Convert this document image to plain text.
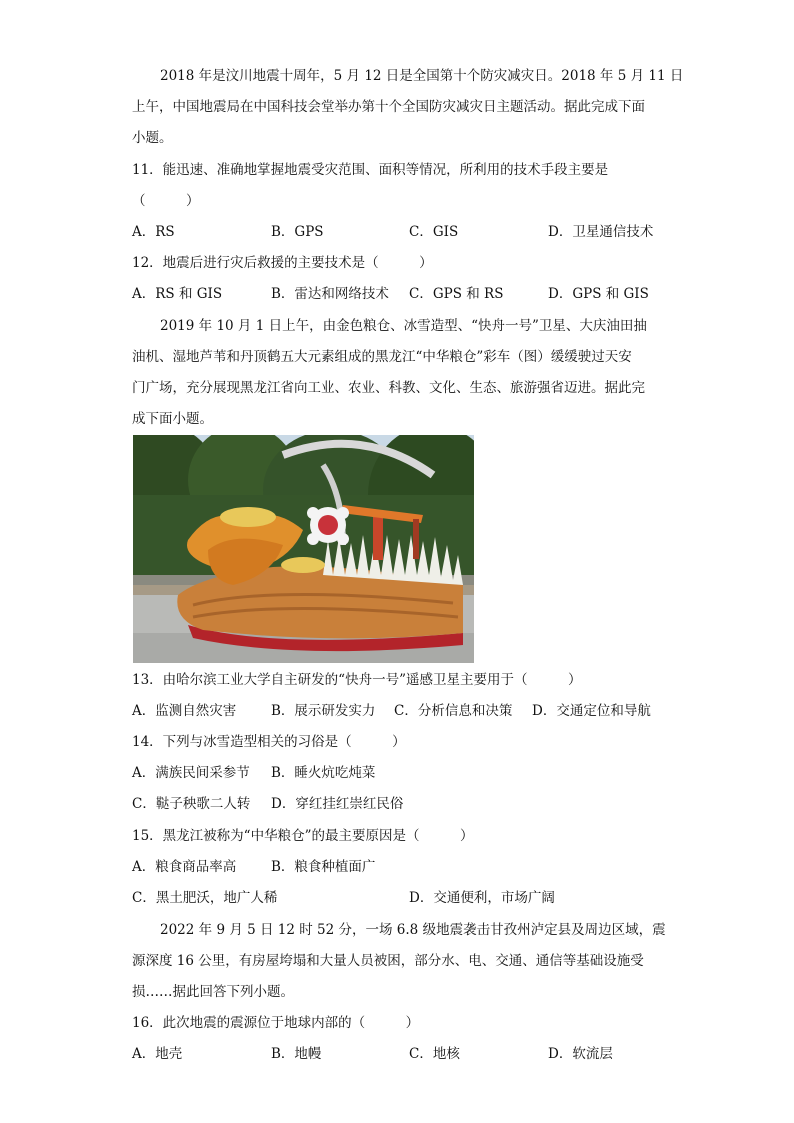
2018 年是汶川地震十周年，5 月 12 日是全国第十个防灾减灾日。2018 年 5 月 11 日
上午，中国地震局在中国科技会堂举办第十个全国防灾减灾日主题活动。据此完成下面
小题。
11．能迅速、准确地掌握地震受灾范围、面积等情况，所利用的技术手段主要是
（　　　）
A．RS	B．GPS	C．GIS	D．卫星通信技术
12．地震后进行灾后救援的主要技术是（　　　）
A．RS 和 GIS	B．雷达和网络技术 C．GPS 和 RS	D．GPS 和 GIS
2019 年 10 月 1 日上午，由金色粮仓、冰雪造型、“快舟一号”卫星、大庆油田抽
油机、湿地芦苇和丹顶鹤五大元素组成的黑龙江“中华粮仓”彩车（图）缓缓驶过天安
门广场，充分展现黑龙江省向工业、农业、科教、文化、生态、旅游强省迈进。据此完
成下面小题。
13．由哈尔滨工业大学自主研发的“快舟一号”遥感卫星主要用于（　　　）
A．监测自然灾害	B．展示研发实力 C．分析信息和决策 D．交通定位和导航
14．下列与冰雪造型相关的习俗是（　　　）
A．满族民间采参节 B．睡火炕吃炖菜
C．鞑子秧歌二人转 D．穿红挂红崇红民俗
15．黑龙江被称为“中华粮仓”的最主要原因是（　　　）
A．粮食商品率高	B．粮食种植面广
C．黑土肥沃，地广人稀	D．交通便利，市场广阔
2022 年 9 月 5 日 12 时 52 分，一场 6.8 级地震袭击甘孜州泸定县及周边区域，震
源深度 16 公里，有房屋垮塌和大量人员被困，部分水、电、交通、通信等基础设施受
损……据此回答下列小题。
16．此次地震的震源位于地球内部的（　　　）
A．地壳	B．地幔	C．地核	D．软流层
